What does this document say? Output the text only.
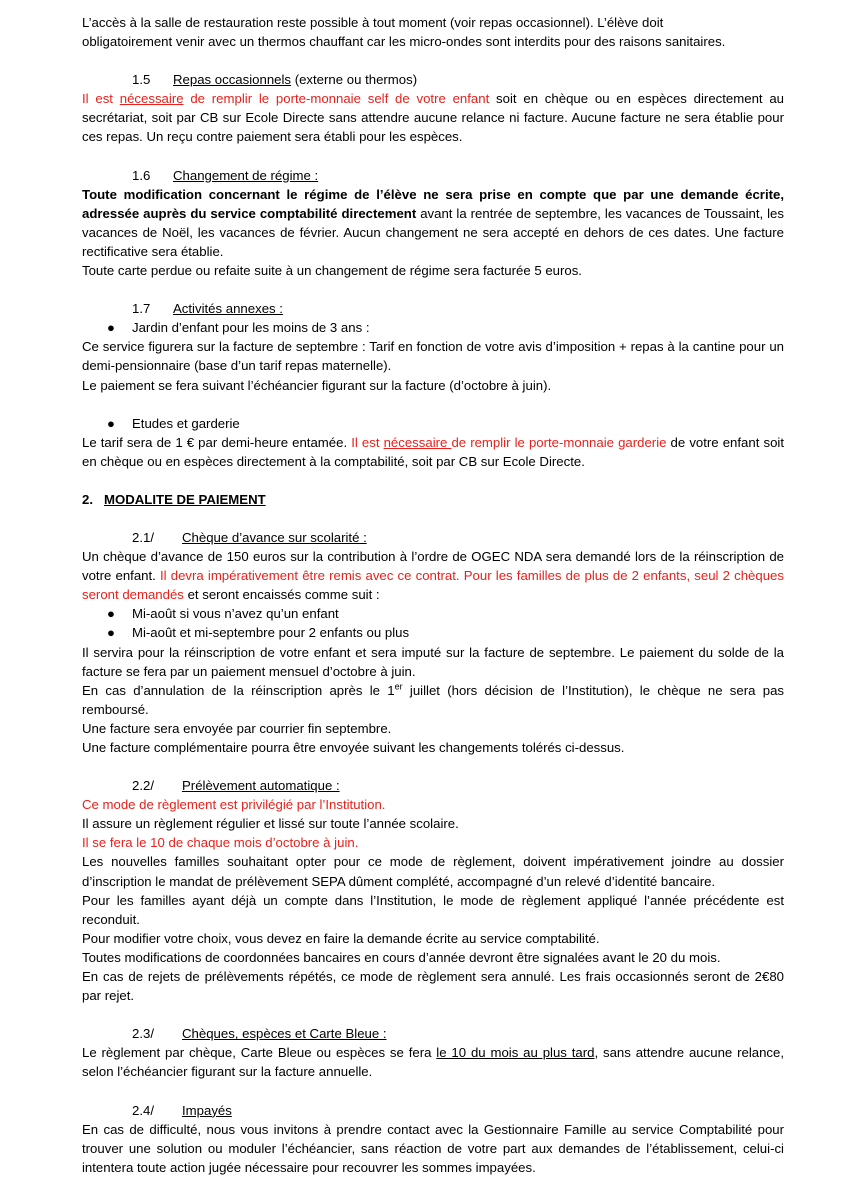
L’accès à la salle de restauration reste possible à tout moment (voir repas occasionnel). L’élève doit

obligatoirement venir avec un thermos chauffant car les micro-ondes sont interdits pour des raisons sanitaires.

1.5 Repas occasionnels (externe ou thermos)

Il est nécessaire de remplir le porte-monnaie self de votre enfant soit en chèque ou en espèces directement au secrétariat, soit par CB sur Ecole Directe sans attendre aucune relance ni facture. Aucune facture ne sera établie pour ces repas. Un reçu contre paiement sera établi pour les espèces.

1.6 Changement de régime :

Toute modification concernant le régime de l’élève ne sera prise en compte que par une demande écrite, adressée auprès du service comptabilité directement avant la rentrée de septembre, les vacances de Toussaint, les vacances de Noël, les vacances de février. Aucun changement ne sera accepté en dehors de ces dates. Une facture rectificative sera établie.

Toute carte perdue ou refaite suite à un changement de régime sera facturée 5 euros.

1.7 Activités annexes :

● Jardin d’enfant pour les moins de 3 ans :

Ce service figurera sur la facture de septembre : Tarif en fonction de votre avis d’imposition + repas à la cantine pour un demi-pensionnaire (base d’un tarif repas maternelle).

Le paiement se fera suivant l’échéancier figurant sur la facture (d’octobre à juin).

● Etudes et garderie

Le tarif sera de 1 € par demi-heure entamée. Il est nécessaire de remplir le porte-monnaie garderie de votre enfant soit en chèque ou en espèces directement à la comptabilité, soit par CB sur Ecole Directe.

2. MODALITE DE PAIEMENT

2.1/ Chèque d’avance sur scolarité :

Un chèque d’avance de 150 euros sur la contribution à l’ordre de OGEC NDA sera demandé lors de la réinscription de votre enfant. Il devra impérativement être remis avec ce contrat. Pour les familles de plus de 2 enfants, seul 2 chèques seront demandés et seront encaissés comme suit :

● Mi-août si vous n’avez qu’un enfant

● Mi-août et mi-septembre pour 2 enfants ou plus

Il servira pour la réinscription de votre enfant et sera imputé sur la facture de septembre. Le paiement du solde de la facture se fera par un paiement mensuel d’octobre à juin.

En cas d’annulation de la réinscription après le 1er juillet (hors décision de l’Institution), le chèque ne sera pas remboursé.

Une facture sera envoyée par courrier fin septembre.

Une facture complémentaire pourra être envoyée suivant les changements tolérés ci-dessus.

2.2/ Prélèvement automatique :

Ce mode de règlement est privilégié par l’Institution.

Il assure un règlement régulier et lissé sur toute l’année scolaire.

Il se fera le 10 de chaque mois d’octobre à juin.

Les nouvelles familles souhaitant opter pour ce mode de règlement, doivent impérativement joindre au dossier d’inscription le mandat de prélèvement SEPA dûment complété, accompagné d’un relevé d’identité bancaire.

Pour les familles ayant déjà un compte dans l’Institution, le mode de règlement appliqué l’année précédente est reconduit.

Pour modifier votre choix, vous devez en faire la demande écrite au service comptabilité.

Toutes modifications de coordonnées bancaires en cours d’année devront être signalées avant le 20 du mois.

En cas de rejets de prélèvements répétés, ce mode de règlement sera annulé. Les frais occasionnés seront de 2€80 par rejet.

2.3/ Chèques, espèces et Carte Bleue :

Le règlement par chèque, Carte Bleue ou espèces se fera le 10 du mois au plus tard, sans attendre aucune relance, selon l’échéancier figurant sur la facture annuelle.

2.4/ Impayés

En cas de difficulté, nous vous invitons à prendre contact avec la Gestionnaire Famille au service Comptabilité pour trouver une solution ou moduler l’échéancier, sans réaction de votre part aux demandes de l’établissement, celui-ci intentera toute action jugée nécessaire pour recouvrer les sommes impayées.
